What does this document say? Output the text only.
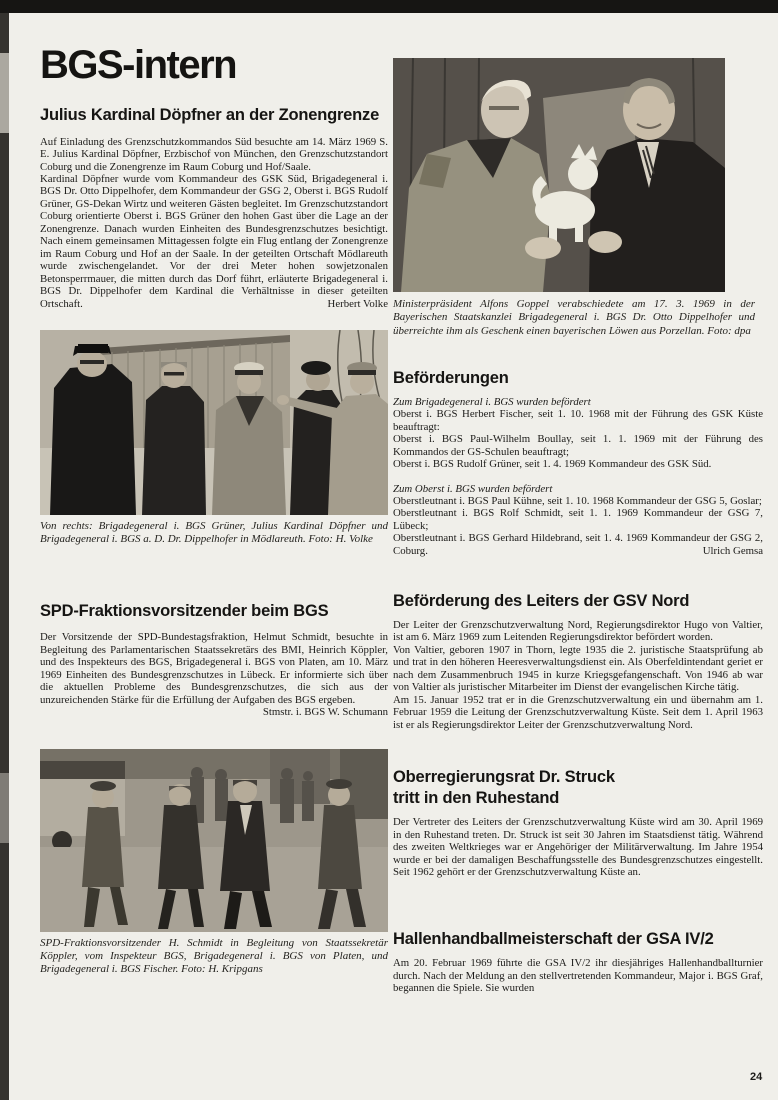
BGS-intern
Julius Kardinal Döpfner an der Zonengrenze

Auf Einladung des Grenzschutzkommandos Süd besuchte am 14. März 1969 S. E. Julius Kardinal Döpfner, Erzbischof von München, den Grenzschutzstandort Coburg und die Zonengrenze im Raum Coburg und Hof/Saale.

Kardinal Döpfner wurde vom Kommandeur des GSK Süd, Brigadegeneral i. BGS Dr. Otto Dippelhofer, dem Kommandeur der GSG 2, Oberst i. BGS Rudolf Grüner, GS-Dekan Wirtz und weiteren Gästen begleitet. Im Grenzschutzstandort Coburg orientierte Oberst i. BGS Grüner den hohen Gast über die Lage an der Zonengrenze. Danach wurden Einheiten des Bundesgrenzschutzes besichtigt. Nach einem gemeinsamen Mittagessen folgte ein Flug entlang der Zonengrenze im Raum Coburg und Hof an der Saale. In der geteilten Ortschaft Mödlareuth wurde zwischengelandet. Vor der drei Meter hohen sowjetzonalen Betonsperrmauer, die mitten durch das Dorf führt, erläuterte Brigadegeneral i. BGS Dr. Dippelhofer dem Kardinal die Verhältnisse in dieser geteilten Ortschaft.	Herbert Volke

Von rechts: Brigadegeneral i. BGS Grüner, Julius Kardinal Döpfner und Brigadegeneral i. BGS a. D. Dr. Dippelhofer in Mödlareuth. Foto: H. Volke

SPD-Fraktionsvorsitzender beim BGS

Der Vorsitzende der SPD-Bundestagsfraktion, Helmut Schmidt, besuchte in Begleitung des Parlamentarischen Staatssekretärs des BMI, Heinrich Köppler, und des Inspekteurs des BGS, Brigadegeneral i. BGS von Platen, am 10. März 1969 Einheiten des Bundesgrenzschutzes in Lübeck. Er informierte sich über die aktuellen Probleme des Bundesgrenzschutzes, die sich aus der unzureichenden Stärke für die Erfüllung der Aufgaben des BGS ergeben.

Stmstr. i. BGS W. Schumann

SPD-Fraktionsvorsitzender H. Schmidt in Begleitung von Staatssekretär Köppler, vom Inspekteur BGS, Brigadegeneral i. BGS von Platen, und Brigadegeneral i. BGS Fischer. Foto: H. Kripgans

Ministerpräsident Alfons Goppel verabschiedete am 17. 3. 1969 in der Bayerischen Staatskanzlei Brigadegeneral i. BGS Dr. Otto Dippelhofer und überreichte ihm als Geschenk einen bayerischen Löwen aus Porzellan. Foto: dpa

Beförderungen

Zum Brigadegeneral i. BGS wurden befördert

Oberst i. BGS Herbert Fischer, seit 1. 10. 1968 mit der Führung des GSK Küste beauftragt:

Oberst i. BGS Paul-Wilhelm Boullay, seit 1. 1. 1969 mit der Führung des Kommandos der GS-Schulen beauftragt;

Oberst i. BGS Rudolf Grüner, seit 1. 4. 1969 Kommandeur des GSK Süd.

Zum Oberst i. BGS wurden befördert

Oberstleutnant i. BGS Paul Kühne, seit 1. 10. 1968 Kommandeur der GSG 5, Goslar;

Oberstleutnant i. BGS Rolf Schmidt, seit 1. 1. 1969 Kommandeur der GSG 7, Lübeck;

Oberstleutnant i. BGS Gerhard Hildebrand, seit 1. 4. 1969 Kommandeur der GSG 2, Coburg.	Ulrich Gemsa
Beförderung des Leiters der GSV Nord

Der Leiter der Grenzschutzverwaltung Nord, Regierungsdirektor Hugo von Valtier, ist am 6. März 1969 zum Leitenden Regierungsdirektor befördert worden.

Von Valtier, geboren 1907 in Thorn, legte 1935 die 2. juristische Staatsprüfung ab und trat in den höheren Heeresverwaltungsdienst ein. Als Oberfeldintendant geriet er nach dem Zusammenbruch 1945 in kurze Kriegsgefangenschaft. Von 1946 ab war von Valtier als juristischer Mitarbeiter im Dienst der evangelischen Kirche tätig.

Am 15. Januar 1952 trat er in die Grenzschutzverwaltung ein und übernahm am 1. Februar 1959 die Leitung der Grenzschutzverwaltung Küste. Seit dem 1. April 1963 ist er als Regierungsdirektor Leiter der Grenzschutzverwaltung Nord.

Oberregierungsrat Dr. Struck
tritt in den Ruhestand

Der Vertreter des Leiters der Grenzschutzverwaltung Küste wird am 30. April 1969 in den Ruhestand treten. Dr. Struck ist seit 30 Jahren im Staatsdienst tätig. Während des zweiten Weltkrieges war er Angehöriger der Militärverwaltung. Im Jahre 1954 wurde er bei der damaligen Beschaffungsstelle des Bundesgrenzschutzes eingestellt. Seit 1962 gehört er der Grenzschutzverwaltung Küste an.

Hallenhandballmeisterschaft der GSA IV/2

Am 20. Februar 1969 führte die GSA IV/2 ihr diesjähriges Hallenhandballturnier durch. Nach der Meldung an den stellvertretenden Kommandeur, Major i. BGS Graf, begannen die Spiele. Sie wurden

24
